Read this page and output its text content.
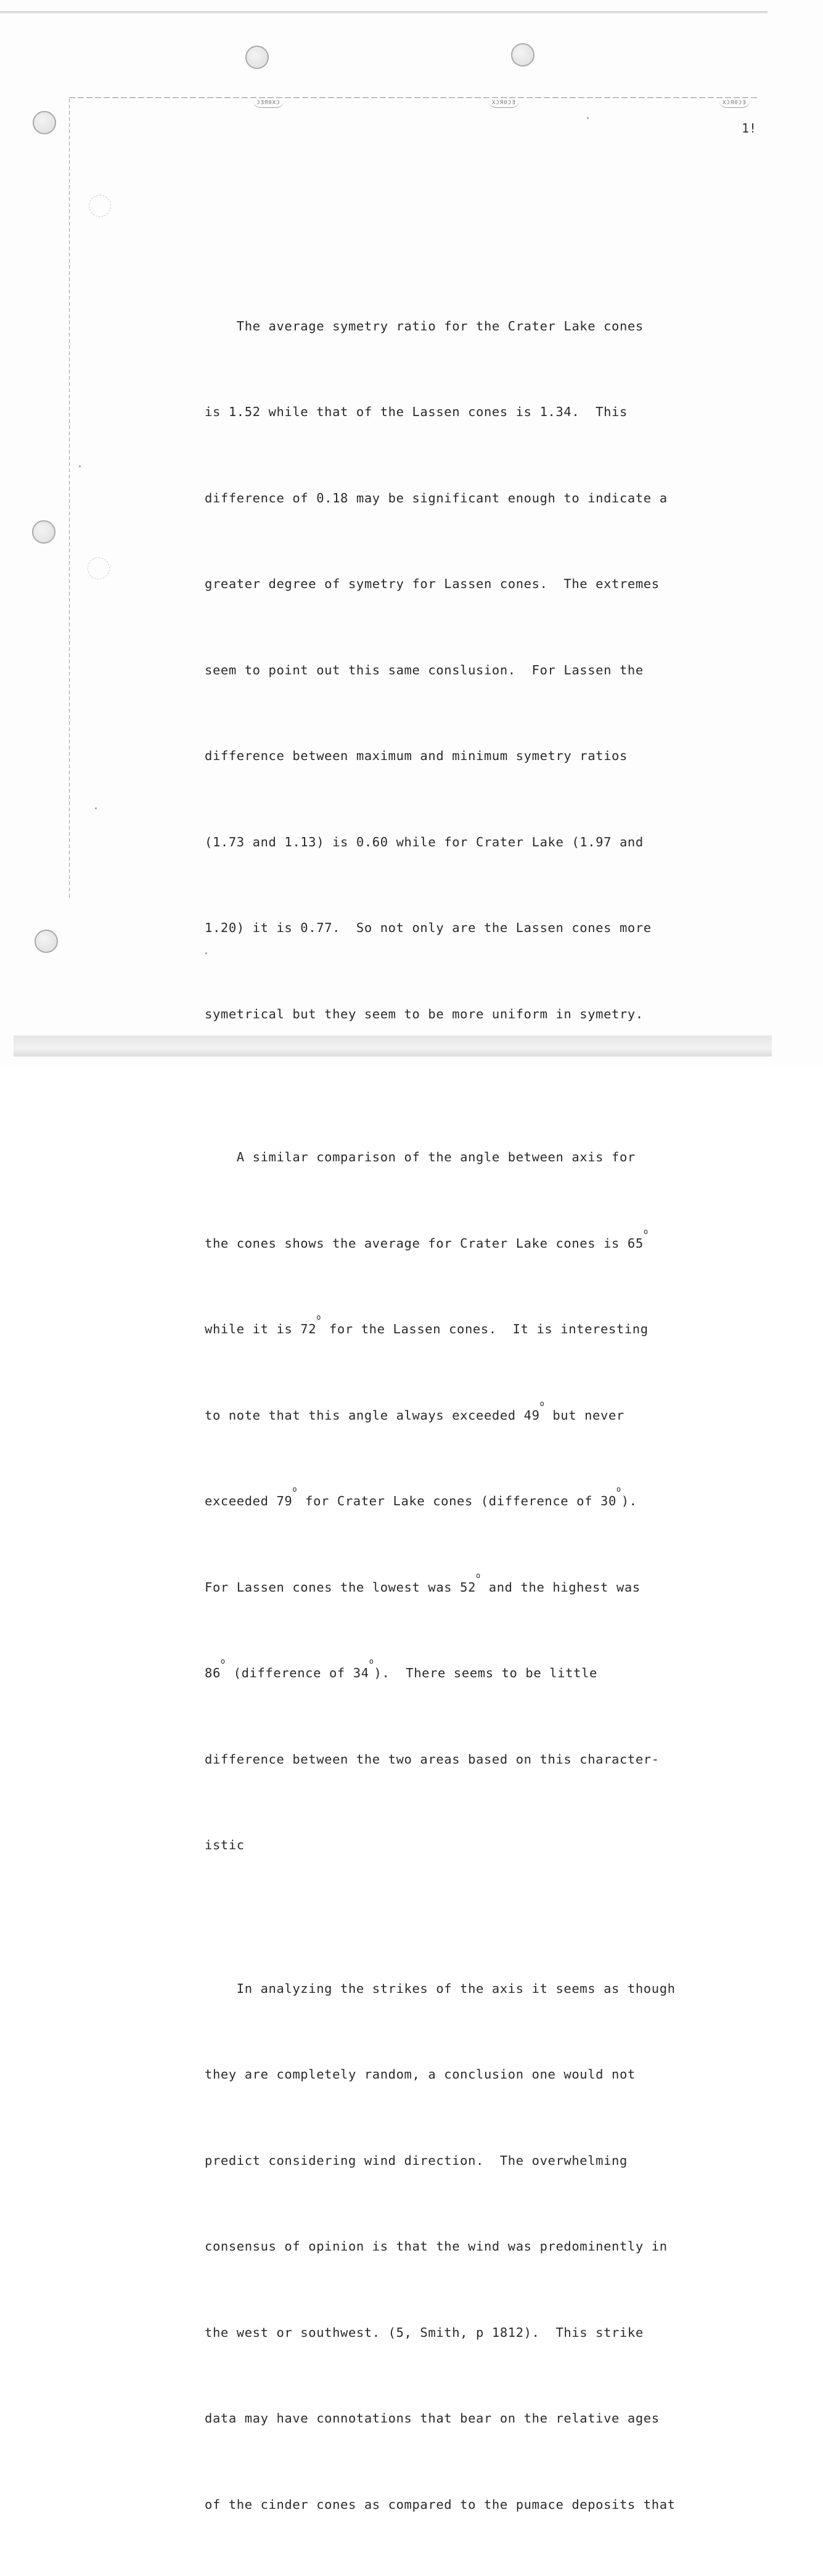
ƆƎЯ0ХƆ	ХƆЯ0ƆƎ	ХƆЯ0ƆƎ
1!

The average symetry ratio for the Crater Lake cones

is 1.52 while that of the Lassen cones is 1.34.  This

difference of 0.18 may be significant enough to indicate a

greater degree of symetry for Lassen cones.  The extremes

seem to point out this same conslusion.  For Lassen the

difference between maximum and minimum symetry ratios

(1.73 and 1.13) is 0.60 while for Crater Lake (1.97 and

1.20) it is 0.77.  So not only are the Lassen cones more

symetrical but they seem to be more uniform in symetry.

A similar comparison of the angle between axis for

the cones shows the average for Crater Lake cones is 65$^o$

while it is 72$^o$ for the Lassen cones.  It is interesting

to note that this angle always exceeded 49$^o$ but never

exceeded 79$^o$ for Crater Lake cones (difference of 30$^o$).

For Lassen cones the lowest was 52$^o$ and the highest was

86$^o$ (difference of 34$^o$).  There seems to be little

difference between the two areas based on this character-

istic

In analyzing the strikes of the axis it seems as though

they are completely random, a conclusion one would not

predict considering wind direction.  The overwhelming

consensus of opinion is that the wind was predominently in

the west or southwest. (5, Smith, p 1812).  This strike

data may have connotations that bear on the relative ages

of the cinder cones as compared to the pumace deposits that
